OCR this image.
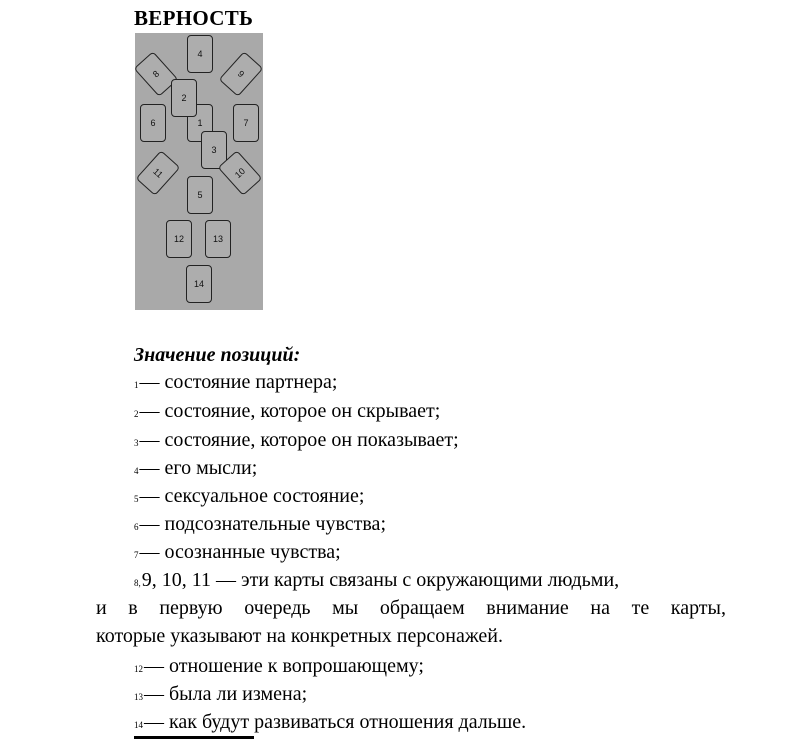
ВЕРНОСТЬ
4
8	9
1
2
6	7
3
11	10
5
12	13
14
Значение позиций:
1— состояние партнера;
2— состояние, которое он скрывает;
3— состояние, которое он показывает;
4— его мысли;
5— сексуальное состояние;
6— подсознательные чувства;
7— осознанные чувства;
8,9, 10, 11 — эти карты связаны с окружающими людьми,
и в первую очередь мы обращаем внимание на те карты,
которые указывают на конкретных персонажей.
12— отношение к вопрошающему;
13— была ли измена;
14— как будут развиваться отношения дальше.
